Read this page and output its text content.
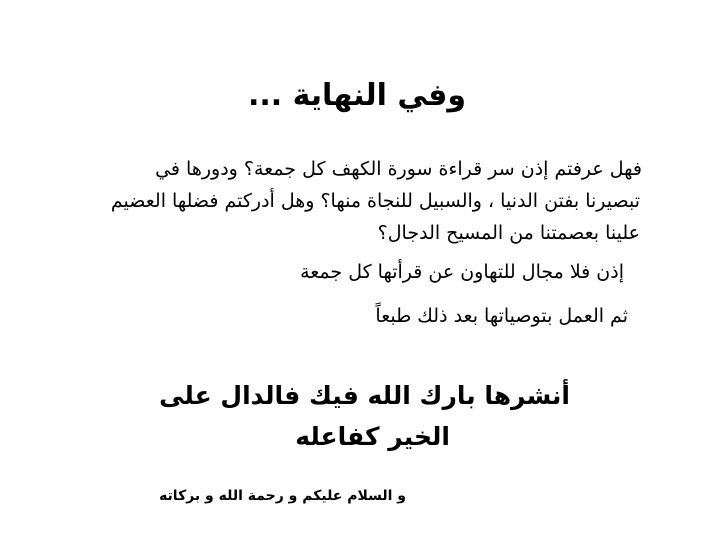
وفي النهاية ...

فهل عرفتم إذن سر قراءة سورة الكهف كل جمعة؟ ودورها في

تبصيرنا بفتن الدنيا ، والسبيل للنجاة منها؟ وهل أدركتم فضلها العضيم

علينا بعصمتنا من المسيح الدجال؟

إذن فلا مجال للتهاون عن قرأتها كل جمعة

ثم العمل بتوصياتها بعد ذلك طبعاً

أنشرها بارك الله فيك فالدال على

الخير كفاعله

و السلام عليكم و رحمة الله و بركاته
